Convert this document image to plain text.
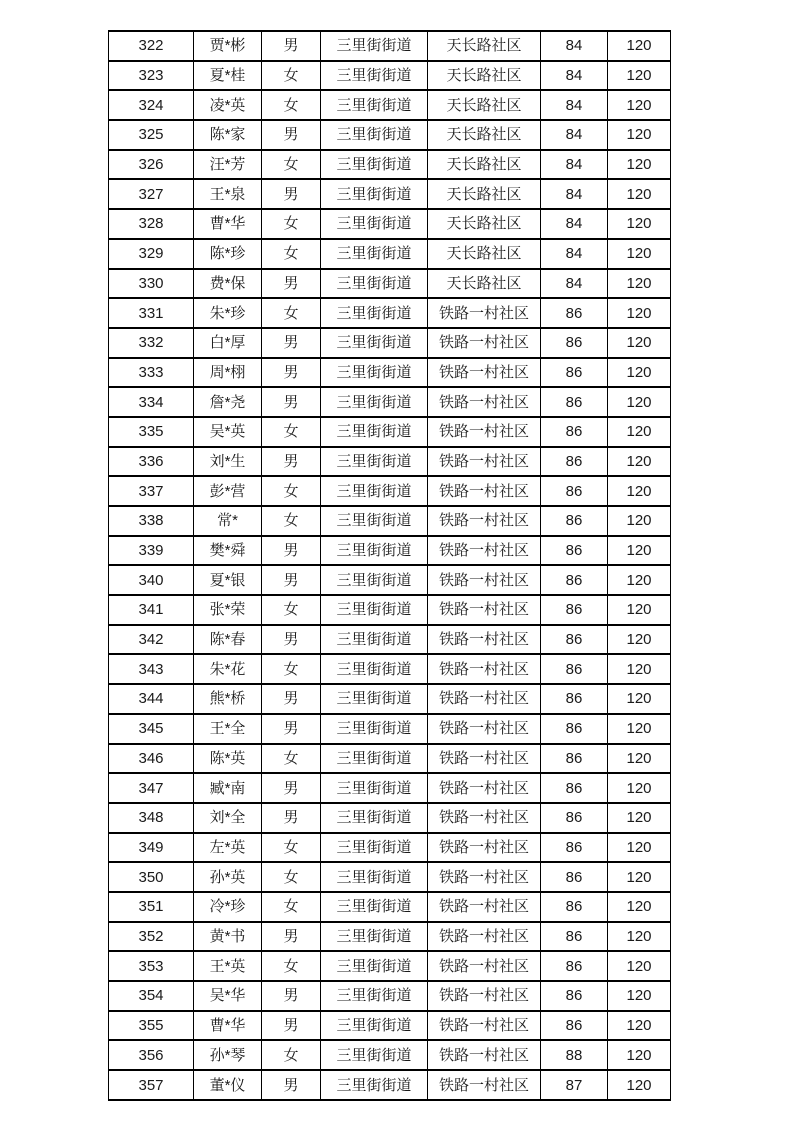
322	贾*彬	男	三里街街道	天长路社区	84	120
323	夏*桂	女	三里街街道	天长路社区	84	120
324	凌*英	女	三里街街道	天长路社区	84	120
325	陈*家	男	三里街街道	天长路社区	84	120
326	汪*芳	女	三里街街道	天长路社区	84	120
327	王*泉	男	三里街街道	天长路社区	84	120
328	曹*华	女	三里街街道	天长路社区	84	120
329	陈*珍	女	三里街街道	天长路社区	84	120
330	费*保	男	三里街街道	天长路社区	84	120
331	朱*珍	女	三里街街道	铁路一村社区	86	120
332	白*厚	男	三里街街道	铁路一村社区	86	120
333	周*栩	男	三里街街道	铁路一村社区	86	120
334	詹*尧	男	三里街街道	铁路一村社区	86	120
335	吴*英	女	三里街街道	铁路一村社区	86	120
336	刘*生	男	三里街街道	铁路一村社区	86	120
337	彭*营	女	三里街街道	铁路一村社区	86	120
338	常*	女	三里街街道	铁路一村社区	86	120
339	樊*舜	男	三里街街道	铁路一村社区	86	120
340	夏*银	男	三里街街道	铁路一村社区	86	120
341	张*荣	女	三里街街道	铁路一村社区	86	120
342	陈*春	男	三里街街道	铁路一村社区	86	120
343	朱*花	女	三里街街道	铁路一村社区	86	120
344	熊*桥	男	三里街街道	铁路一村社区	86	120
345	王*全	男	三里街街道	铁路一村社区	86	120
346	陈*英	女	三里街街道	铁路一村社区	86	120
347	臧*南	男	三里街街道	铁路一村社区	86	120
348	刘*全	男	三里街街道	铁路一村社区	86	120
349	左*英	女	三里街街道	铁路一村社区	86	120
350	孙*英	女	三里街街道	铁路一村社区	86	120
351	冷*珍	女	三里街街道	铁路一村社区	86	120
352	黄*书	男	三里街街道	铁路一村社区	86	120
353	王*英	女	三里街街道	铁路一村社区	86	120
354	吴*华	男	三里街街道	铁路一村社区	86	120
355	曹*华	男	三里街街道	铁路一村社区	86	120
356	孙*琴	女	三里街街道	铁路一村社区	88	120
357	董*仪	男	三里街街道	铁路一村社区	87	120
